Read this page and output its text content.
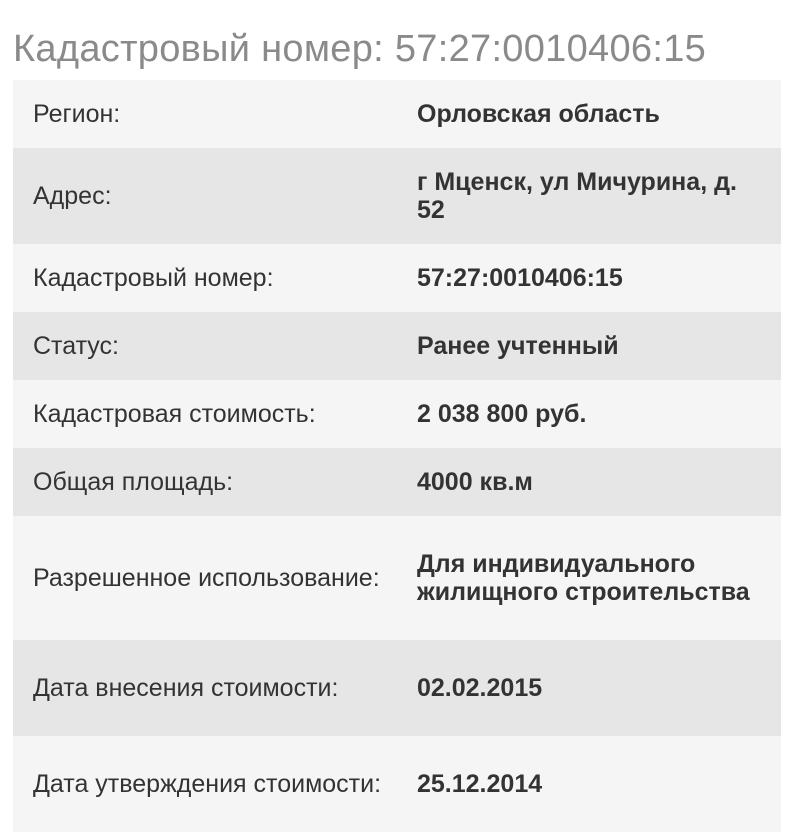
Кадастровый номер: 57:27:0010406:15
Регион:	Орловская область
Адрес:	г Мценск, ул Мичурина, д. 52
Кадастровый номер:	57:27:0010406:15
Статус:	Ранее учтенный
Кадастровая стоимость:	2 038 800 руб.
Общая площадь:	4000 кв.м
Разрешенное использование:	Для индивидуального жилищного строительства
Дата внесения стоимости:	02.02.2015
Дата утверждения стоимости:	25.12.2014
